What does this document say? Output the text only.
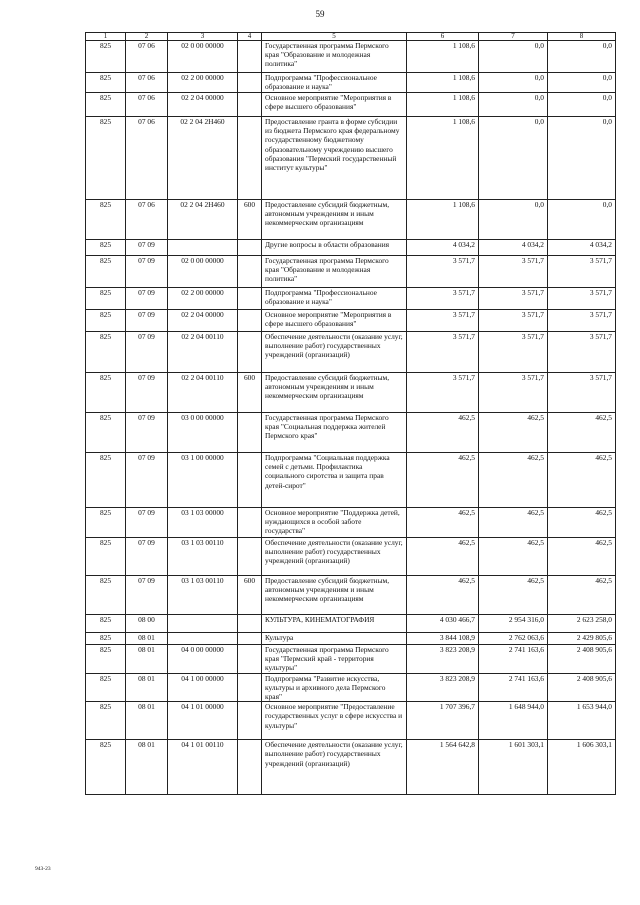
59
1	2	3	4	5	6	7	8
825	07 06	02 0 00 00000		Государственная программа Пермского края "Образование и молодежная политика"	1 108,6	0,0	0,0
825	07 06	02 2 00 00000		Подпрограмма "Профессиональное образование и наука"	1 108,6	0,0	0,0
825	07 06	02 2 04 00000		Основное мероприятие "Мероприятия в сфере высшего образования"	1 108,6	0,0	0,0
825	07 06	02 2 04 2Н460		Предоставление гранта в форме субсидии из бюджета Пермского края федеральному государственному бюджетному образовательному учреждению высшего образования "Пермский государственный институт культуры"	1 108,6	0,0	0,0
825	07 06	02 2 04 2Н460	600	Предоставление субсидий бюджетным, автономным учреждениям и иным некоммерческим организациям	1 108,6	0,0	0,0
825	07 09			Другие вопросы в области образования	4 034,2	4 034,2	4 034,2
825	07 09	02 0 00 00000		Государственная программа Пермского края "Образование и молодежная политика"	3 571,7	3 571,7	3 571,7
825	07 09	02 2 00 00000		Подпрограмма "Профессиональное образование и наука"	3 571,7	3 571,7	3 571,7
825	07 09	02 2 04 00000		Основное мероприятие "Мероприятия в сфере высшего образования"	3 571,7	3 571,7	3 571,7
825	07 09	02 2 04 00110		Обеспечение деятельности (оказание услуг, выполнение работ) государственных учреждений (организаций)	3 571,7	3 571,7	3 571,7
825	07 09	02 2 04 00110	600	Предоставление субсидий бюджетным, автономным учреждениям и иным некоммерческим организациям	3 571,7	3 571,7	3 571,7
825	07 09	03 0 00 00000		Государственная программа Пермского края "Социальная поддержка жителей Пермского края"	462,5	462,5	462,5
825	07 09	03 1 00 00000		Подпрограмма "Социальная поддержка семей с детьми. Профилактика социального сиротства и защита прав детей-сирот"	462,5	462,5	462,5
825	07 09	03 1 03 00000		Основное мероприятие "Поддержка детей, нуждающихся в особой заботе государства"	462,5	462,5	462,5
825	07 09	03 1 03 00110		Обеспечение деятельности (оказание услуг, выполнение работ) государственных учреждений (организаций)	462,5	462,5	462,5
825	07 09	03 1 03 00110	600	Предоставление субсидий бюджетным, автономным учреждениям и иным некоммерческим организациям	462,5	462,5	462,5
825	08 00			КУЛЬТУРА, КИНЕМАТОГРАФИЯ	4 030 466,7	2 954 316,0	2 623 258,0
825	08 01			Культура	3 844 108,9	2 762 063,6	2 429 805,6
825	08 01	04 0 00 00000		Государственная программа Пермского края "Пермский край - территория культуры"	3 823 208,9	2 741 163,6	2 408 905,6
825	08 01	04 1 00 00000		Подпрограмма "Развитие искусства, культуры и архивного дела Пермского края"	3 823 208,9	2 741 163,6	2 408 905,6
825	08 01	04 1 01 00000		Основное мероприятие "Предоставление государственных услуг в сфере искусства и культуры"	1 707 396,7	1 648 944,0	1 653 944,0
825	08 01	04 1 01 00110		Обеспечение деятельности (оказание услуг, выполнение работ) государственных учреждений (организаций)	1 564 642,8	1 601 303,1	1 606 303,1
943-23
